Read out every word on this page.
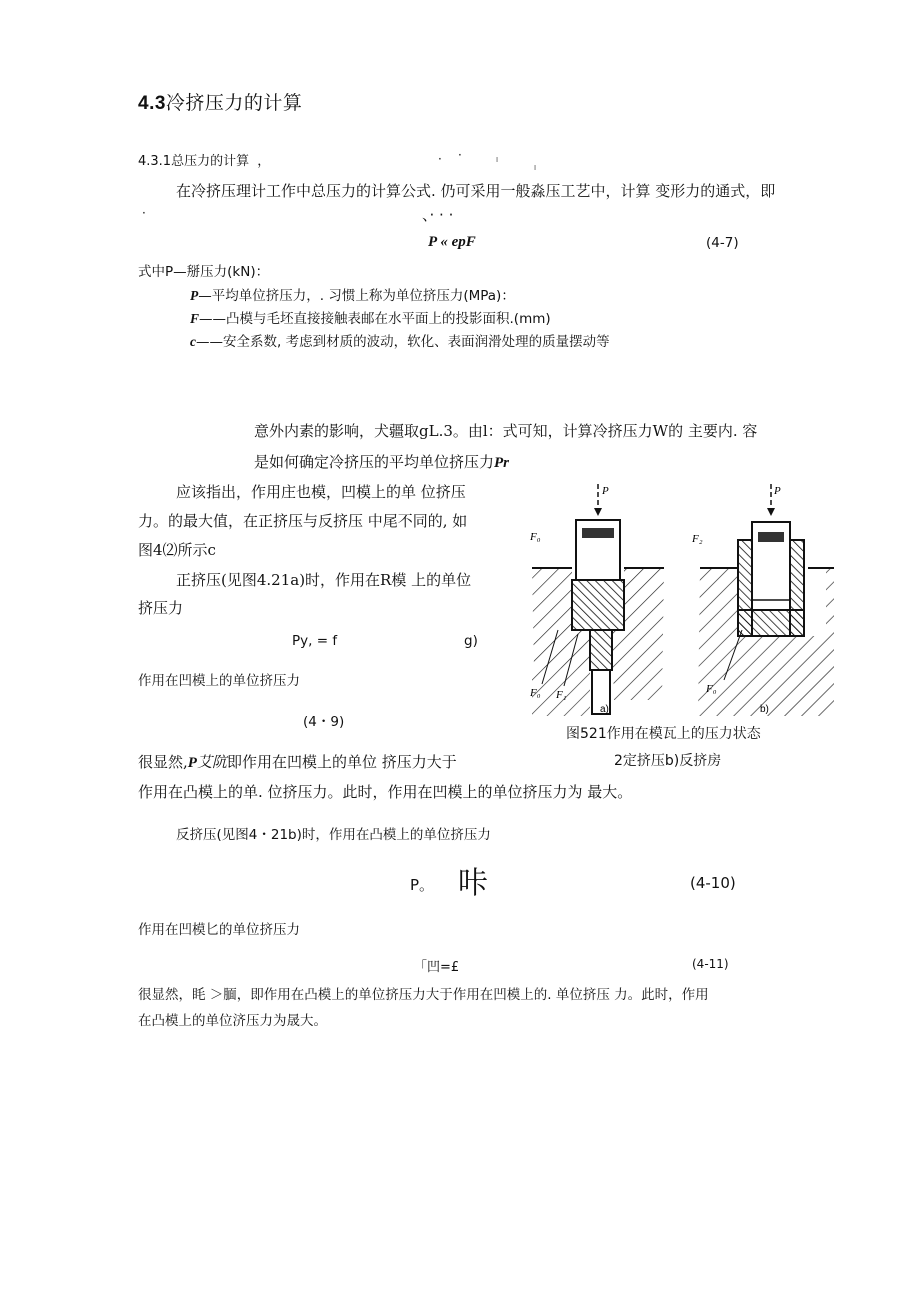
4.3冷挤压力的计算
4.3.1总压力的计算 ，	· ·	I
I
在冷挤压理计工作中总压力的计算公式. 仍可采用一般淼压工艺中，计算 变形力的通式，即
·	、· · ·
P « epF	(4-7)
式中P—掰压力(kN)：
P—平均单位挤压力，. 习惯上称为单位挤压力(MPa)：
F——凸模与毛坯直接接触表邮在水平面上的投影面积.(mm)
c——安全系数, 考虑到材质的波动，软化、表面润滑处理的质量摆动等
意外内素的影响，犬疆取gL.3。由l：式可知，计算冷挤压力W的 主要内. 容
是如何确定冷挤压的平均单位挤压力Pr
应该指出，作用庄也模，凹模上的单 位挤压
力。的最大值，在正挤压与反挤压 中尾不同的, 如
图4⑵所示c
正挤压(见图4.21a)时，作用在R模 上的单位
挤压力
Py, = f	g)
作用在凹模上的单位挤压力
(4・9)
很显然,P艾阬即作用在凹模上的单位 挤压力大于
作用在凸模上的单. 位挤压力。此时，作用在凹模上的单位挤压力为 最大。
P	P
F₀
F₀ F₁
F₂
F₀
a)	b)
图521作用在模瓦上的压力状态
2定挤压b)反挤房
反挤压(见图4・21b)时，作用在凸模上的单位挤压力
P。 咔	(4-10)
作用在凹模匕的单位挤压力
「凹=£	(4-11)
很显然，眊 ＞腼，即作用在凸模上的单位挤压力大于作用在凹模上的. 单位挤压 力。此时，作用
在凸模上的单位济压力为晟大。
